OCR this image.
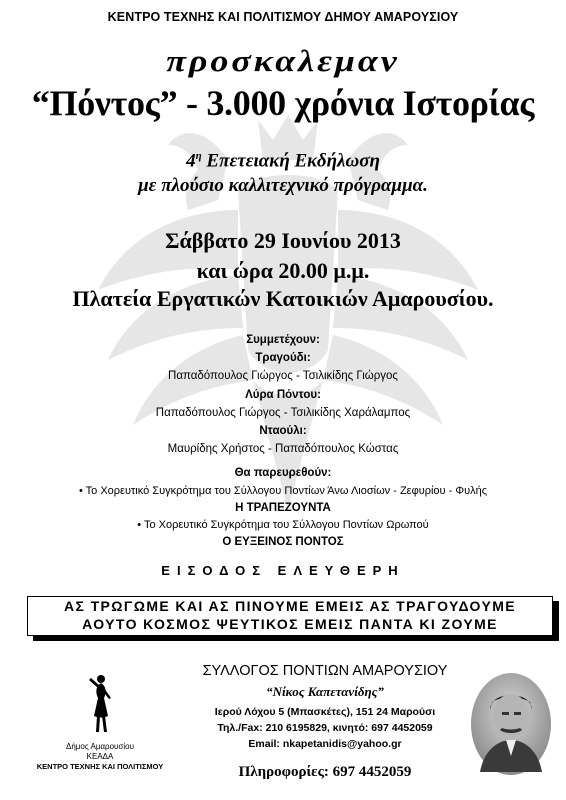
ΚΕΝΤΡΟ ΤΕΧΝΗΣ ΚΑΙ ΠΟΛΙΤΙΣΜΟΥ ΔΗΜΟΥ ΑΜΑΡΟΥΣΙΟΥ
προσκαλεμαν
“Πόντος” - 3.000 χρόνια Ιστορίας
$4^\eta$ Επετειακή Εκδήλωση
με πλούσιο καλλιτεχνικό πρόγραμμα.
Σάββατο 29 Ιουνίου 2013
και ώρα 20.00 μ.μ.
Πλατεία Εργατικών Κατοικιών Αμαρουσίου.
Συμμετέχουν:
Τραγούδι:
Παπαδόπουλος Γιώργος - Τσιλικίδης Γιώργος
Λύρα Πόντου:
Παπαδόπουλος Γιώργος - Τσιλικίδης Χαράλαμπος
Νταούλι:
Μαυρίδης Χρήστος - Παπαδόπουλος Κώστας
Θα παρευρεθούν:
• Το Χορευτικό Συγκρότημα του Σύλλογου Ποντίων Άνω Λιοσίων - Ζεφυρίου - Φυλής
Η ΤΡΑΠΕΖΟΥΝΤΑ
• Το Χορευτικό Συγκρότημα του Σύλλογου Ποντίων Ωρωπού
Ο ΕΥΞΕΙΝΟΣ ΠΟΝΤΟΣ
ΕΙΣΟΔΟΣ ΕΛΕΥΘΕΡΗ
ΑΣ ΤΡΩΓΩΜΕ ΚΑΙ ΑΣ ΠΙΝΟΥΜΕ ΕΜΕΙΣ ΑΣ ΤΡΑΓΟΥΔΟΥΜΕ
ΑΟΥΤΟ ΚΟΣΜΟΣ ΨΕΥΤΙΚΟΣ ΕΜΕΙΣ ΠΑΝΤΑ ΚΙ ΖΟΥΜΕ
Δήμος Αμαρουσίου
ΚΕΑΔΑ
ΚΕΝΤΡΟ ΤΕΧΝΗΣ ΚΑΙ ΠΟΛΙΤΙΣΜΟΥ
ΣΥΛΛΟΓΟΣ ΠΟΝΤΙΩΝ ΑΜΑΡΟΥΣΙΟΥ
“Νίκος Καπετανίδης”
Ιερού Λόχου 5 (Μπασκέτες), 151 24 Μαρούσι
Τηλ./Fax: 210 6195829, κινητό: 697 4452059
Email: nkapetanidis@yahoo.gr
Πληροφορίες: 697 4452059
